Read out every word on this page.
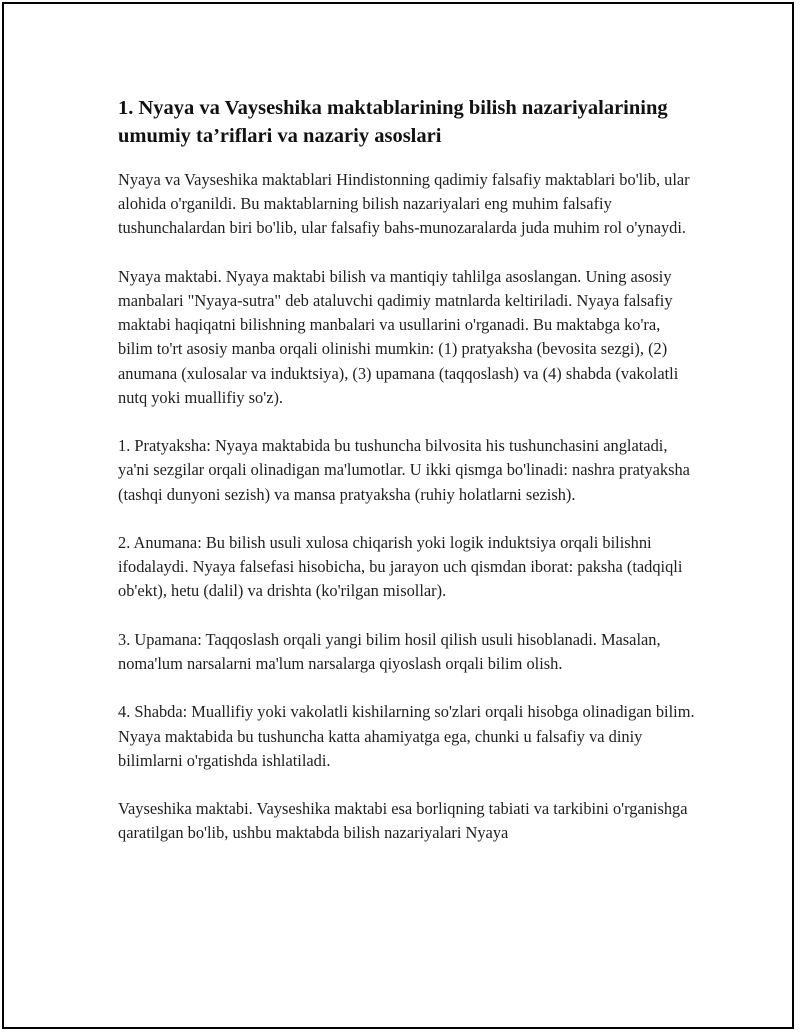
1. Nyaya va Vayseshika maktablarining bilish nazariyalarining umumiy ta’riflari va nazariy asoslari

Nyaya va Vayseshika maktablari Hindistonning qadimiy falsafiy maktablari bo'lib, ular alohida o'rganildi. Bu maktablarning bilish nazariyalari eng muhim falsafiy tushunchalardan biri bo'lib, ular falsafiy bahs-munozaralarda juda muhim rol o'ynaydi.

Nyaya maktabi. Nyaya maktabi bilish va mantiqiy tahlilga asoslangan. Uning asosiy manbalari "Nyaya-sutra" deb ataluvchi qadimiy matnlarda keltiriladi. Nyaya falsafiy maktabi haqiqatni bilishning manbalari va usullarini o'rganadi. Bu maktabga ko'ra, bilim to'rt asosiy manba orqali olinishi mumkin: (1) pratyaksha (bevosita sezgi), (2) anumana (xulosalar va induktsiya), (3) upamana (taqqoslash) va (4) shabda (vakolatli nutq yoki muallifiy so'z).

1. Pratyaksha: Nyaya maktabida bu tushuncha bilvosita his tushunchasini anglatadi, ya'ni sezgilar orqali olinadigan ma'lumotlar. U ikki qismga bo'linadi: nashra pratyaksha (tashqi dunyoni sezish) va mansa pratyaksha (ruhiy holatlarni sezish).

2. Anumana: Bu bilish usuli xulosa chiqarish yoki logik induktsiya orqali bilishni ifodalaydi. Nyaya falsefasi hisobicha, bu jarayon uch qismdan iborat: paksha (tadqiqli ob'ekt), hetu (dalil) va drishta (ko'rilgan misollar).

3. Upamana: Taqqoslash orqali yangi bilim hosil qilish usuli hisoblanadi. Masalan, noma'lum narsalarni ma'lum narsalarga qiyoslash orqali bilim olish.

4. Shabda: Muallifiy yoki vakolatli kishilarning so'zlari orqali hisobga olinadigan bilim. Nyaya maktabida bu tushuncha katta ahamiyatga ega, chunki u falsafiy va diniy bilimlarni o'rgatishda ishlatiladi.

Vayseshika maktabi. Vayseshika maktabi esa borliqning tabiati va tarkibini o'rganishga qaratilgan bo'lib, ushbu maktabda bilish nazariyalari Nyaya
